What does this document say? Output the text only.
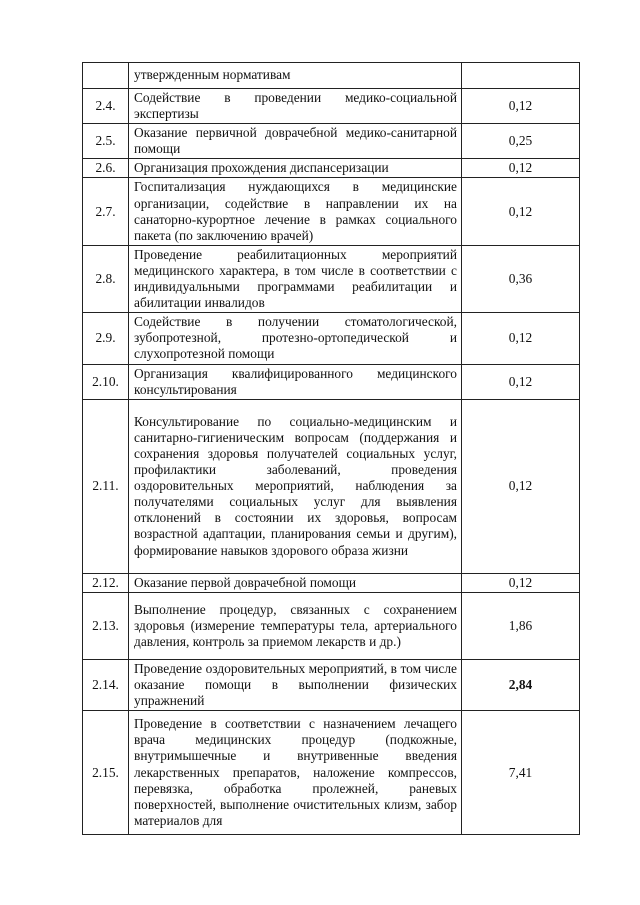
	утвержденным нормативам	

2.4.	Содействие в проведении медико-социальной экспертизы	0,12
2.5.	Оказание первичной доврачебной медико-санитарной помощи	0,25
2.6.	Организация прохождения диспансеризации	0,12
2.7.	Госпитализация нуждающихся в медицинские организации, содействие в направлении их на санаторно-курортное лечение в рамках социального пакета (по заключению врачей)	0,12
2.8.	Проведение реабилитационных мероприятий медицинского характера, в том числе в соответствии с индивидуальными программами реабилитации и абилитации инвалидов	0,36
2.9.	Содействие в получении стоматологической, зубопротезной, протезно-ортопедической и слухопротезной помощи	0,12
2.10.	Организация квалифицированного медицинского консультирования	0,12
2.11.	Консультирование по социально-медицинским и санитарно-гигиеническим вопросам (поддержания и сохранения здоровья получателей социальных услуг, профилактики заболеваний, проведения оздоровительных мероприятий, наблюдения за получателями социальных услуг для выявления отклонений в состоянии их здоровья, вопросам возрастной адаптации, планирования семьи и другим), формирование навыков здорового образа жизни	0,12
2.12.	Оказание первой доврачебной помощи	0,12
2.13.	Выполнение процедур, связанных с сохранением здоровья (измерение температуры тела, артериального давления, контроль за приемом лекарств и др.)	1,86
2.14.	Проведение оздоровительных мероприятий, в том числе оказание помощи в выполнении физических упражнений	2,84
2.15.	Проведение в соответствии с назначением лечащего врача медицинских процедур (подкожные, внутримышечные и внутривенные введения лекарственных препаратов, наложение компрессов, перевязка, обработка пролежней, раневых поверхностей, выполнение очистительных клизм, забор материалов для	7,41
